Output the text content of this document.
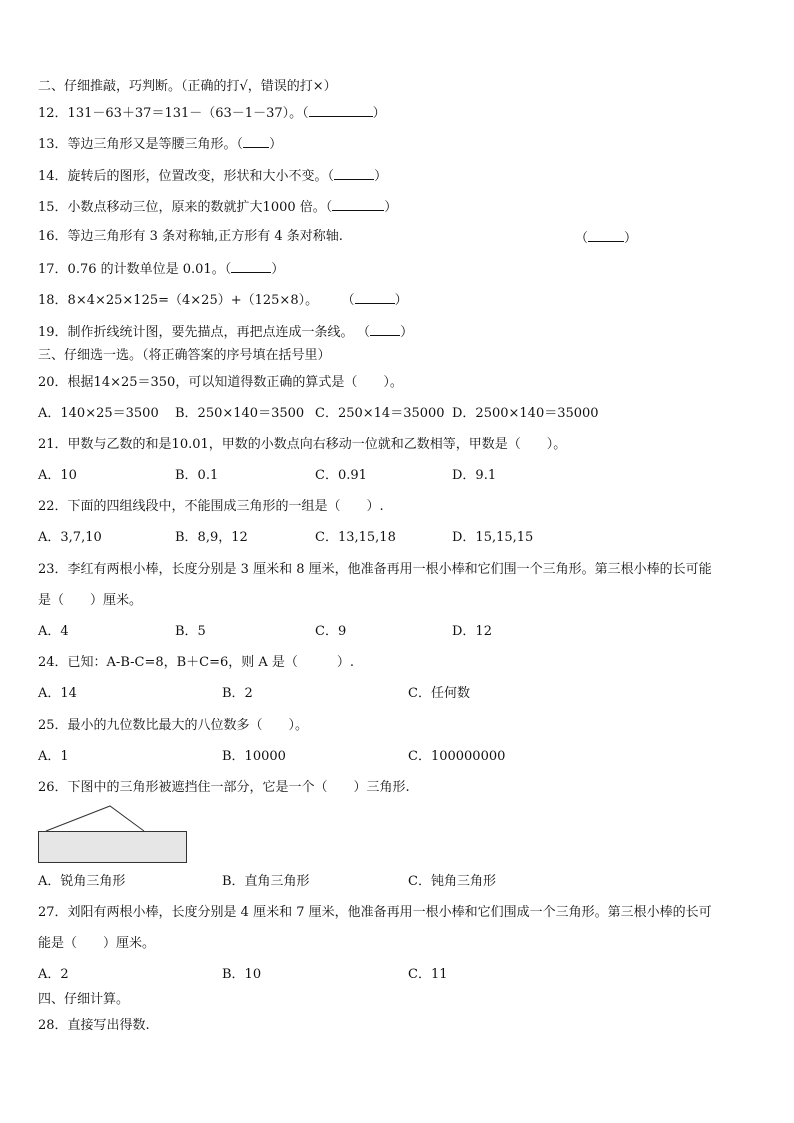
二、仔细推敲，巧判断。（正确的打√，错误的打×）
12．131－63＋37＝131－（63－1－37）。（	）
13．等边三角形又是等腰三角形。（ ）
14．旋转后的图形，位置改变，形状和大小不变。（	）
15．小数点移动三位，原来的数就扩大1000 倍。（	）
16．等边三角形有 3 条对称轴,正方形有 4 条对称轴.	（	）
17．0.76 的计数单位是 0.01。（	）
18．8×4×25×125=（4×25）+（125×8）。 （	）
19．制作折线统计图，要先描点，再把点连成一条线。 （ ）
三、仔细选一选。（将正确答案的序号填在括号里）
20．根据14×25＝350，可以知道得数正确的算式是（　　）。
A．140×25＝3500 B．250×140＝3500 C．250×14＝35000 D．2500×140＝35000
21．甲数与乙数的和是10.01，甲数的小数点向右移动一位就和乙数相等，甲数是（　　）。
A．10	B．0.1	C．0.91	D．9.1
22．下面的四组线段中，不能围成三角形的一组是（　　）.
A．3,7,10	B．8,9，12	C．13,15,18	D．15,15,15
23．李红有两根小棒，长度分别是 3 厘米和 8 厘米，他准备再用一根小棒和它们围一个三角形。第三根小棒的长可能
是（　　）厘米。
A．4	B．5	C．9	D．12
24．已知：A-B-C=8，B＋C=6，则 A 是（　　　）.
A．14	B．2	C．任何数
25．最小的九位数比最大的八位数多（　　）。
A．1	B．10000	C．100000000
26．下图中的三角形被遮挡住一部分，它是一个（　　）三角形.
A．锐角三角形	B．直角三角形	C．钝角三角形
27．刘阳有两根小棒，长度分别是 4 厘米和 7 厘米，他准备再用一根小棒和它们围成一个三角形。第三根小棒的长可
能是（　　）厘米。
A．2	B．10	C．11
四、仔细计算。
28．直接写出得数.
